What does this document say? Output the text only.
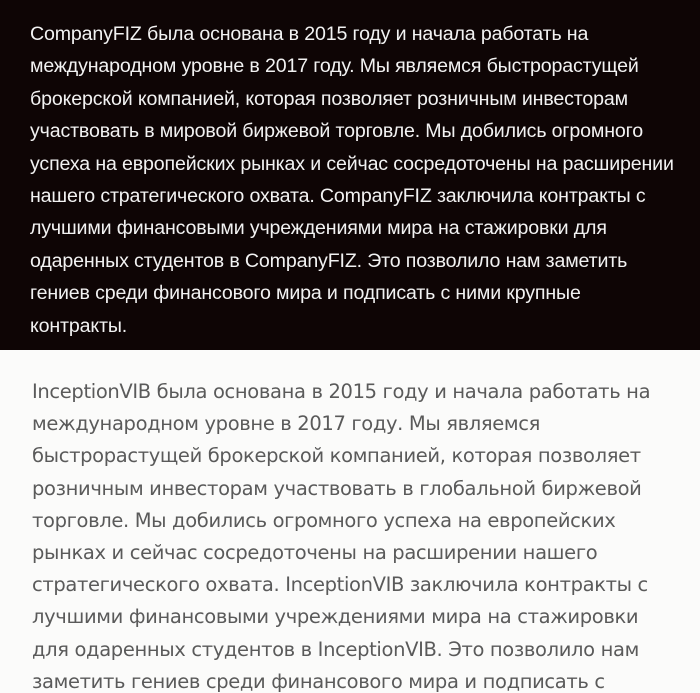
CompanyFIZ была основана в 2015 году и начала работать на международном уровне в 2017 году. Мы являемся быстрорастущей брокерской компанией, которая позволяет розничным инвесторам участвовать в мировой биржевой торговле. Мы добились огромного успеха на европейских рынках и сейчас сосредоточены на расширении нашего стратегического охвата. CompanyFIZ заключила контракты с лучшими финансовыми учреждениями мира на стажировки для одаренных студентов в CompanyFIZ. Это позволило нам заметить гениев среди финансового мира и подписать с ними крупные контракты.

InceptionVIB была основана в 2015 году и начала работать на международном уровне в 2017 году. Мы являемся быстрорастущей брокерской компанией, которая позволяет розничным инвесторам участвовать в глобальной биржевой торговле. Мы добились огромного успеха на европейских рынках и сейчас сосредоточены на расширении нашего стратегического охвата. InceptionVIB заключила контракты с лучшими финансовыми учреждениями мира на стажировки для одаренных студентов в InceptionVIB. Это позволило нам заметить гениев среди финансового мира и подписать с
